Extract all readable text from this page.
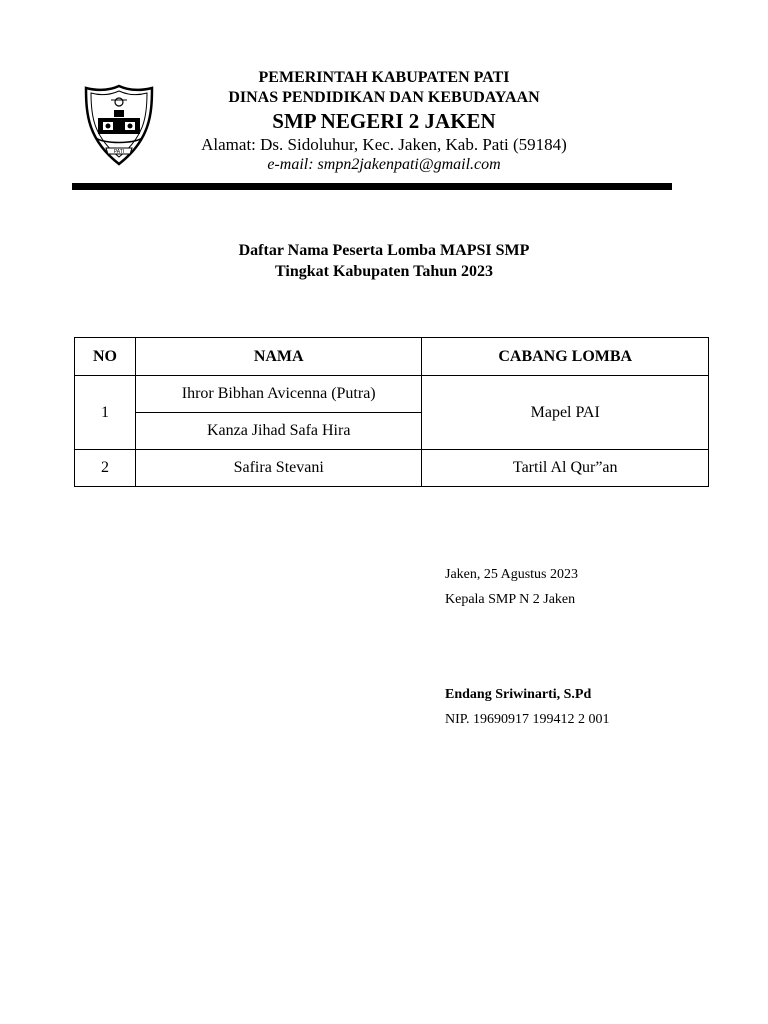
PATI
PEMERINTAH KABUPATEN PATI
DINAS PENDIDIKAN DAN KEBUDAYAAN
SMP NEGERI 2 JAKEN
Alamat: Ds. Sidoluhur, Kec. Jaken, Kab. Pati (59184)
e-mail: smpn2jakenpati@gmail.com
Daftar Nama Peserta Lomba MAPSI SMP
Tingkat Kabupaten Tahun 2023
NO	NAMA	CABANG LOMBA
1	Ihror Bibhan Avicenna (Putra)	Mapel PAI
	Kanza Jihad Safa Hira	
2	Safira Stevani	Tartil Al Qur”an
Jaken, 25 Agustus 2023
Kepala SMP N 2 Jaken
Endang Sriwinarti, S.Pd
NIP. 19690917 199412 2 001
